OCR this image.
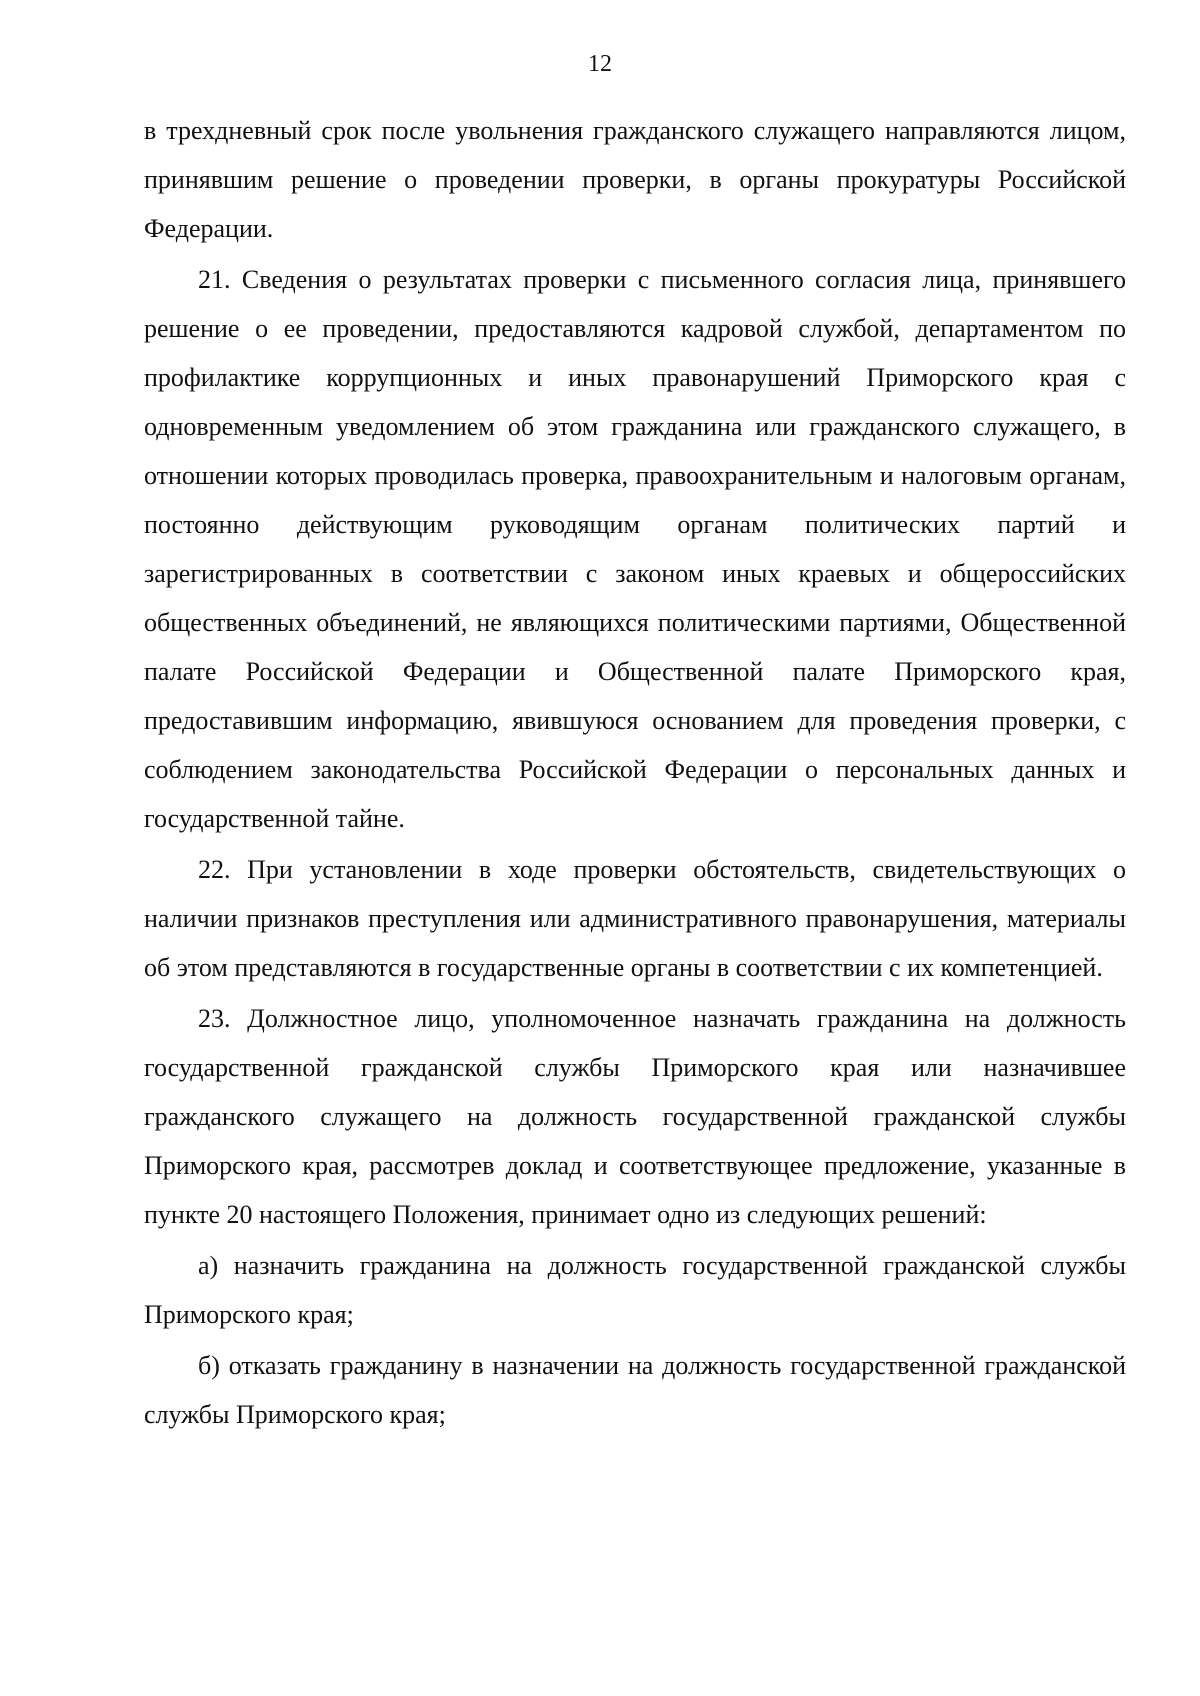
12

в трехдневный срок после увольнения гражданского служащего направляются лицом, принявшим решение о проведении проверки, в органы прокуратуры Российской Федерации.

21. Сведения о результатах проверки с письменного согласия лица, принявшего решение о ее проведении, предоставляются кадровой службой, департаментом по профилактике коррупционных и иных правонарушений Приморского края с одновременным уведомлением об этом гражданина или гражданского служащего, в отношении которых проводилась проверка, правоохранительным и налоговым органам, постоянно действующим руководящим органам политических партий и зарегистрированных в соответствии с законом иных краевых и общероссийских общественных объединений, не являющихся политическими партиями, Общественной палате Российской Федерации и Общественной палате Приморского края, предоставившим информацию, явившуюся основанием для проведения проверки, с соблюдением законодательства Российской Федерации о персональных данных и государственной тайне.

22. При установлении в ходе проверки обстоятельств, свидетельствующих о наличии признаков преступления или административного правонарушения, материалы об этом представляются в государственные органы в соответствии с их компетенцией.

23. Должностное лицо, уполномоченное назначать гражданина на должность государственной гражданской службы Приморского края или назначившее гражданского служащего на должность государственной гражданской службы Приморского края, рассмотрев доклад и соответствующее предложение, указанные в пункте 20 настоящего Положения, принимает одно из следующих решений:

а) назначить гражданина на должность государственной гражданской службы Приморского края;

б) отказать гражданину в назначении на должность государственной гражданской службы Приморского края;
